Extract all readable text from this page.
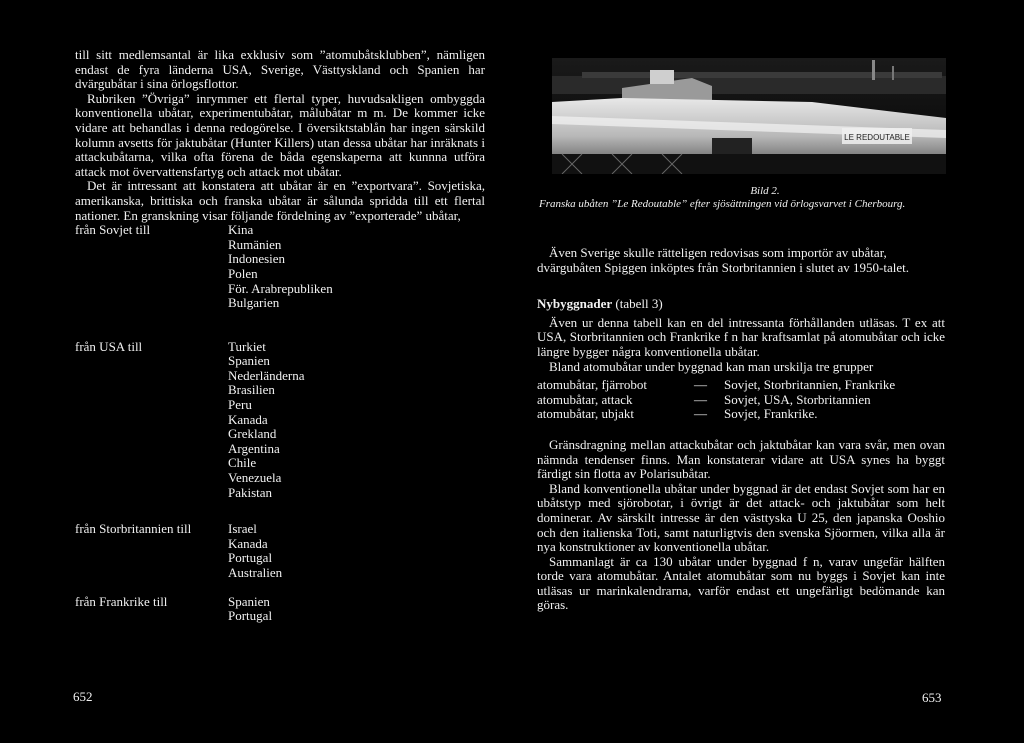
till sitt medlemsantal är lika exklusiv som ”atomubåtsklubben”, nämligen endast de fyra länderna USA, Sverige, Västtyskland och Spanien har dvärgubåtar i sina örlogsflottor.

Rubriken ”Övriga” inrymmer ett flertal typer, huvudsakligen ombyggda konventionella ubåtar, experimentubåtar, målubåtar m m. De kommer icke vidare att behandlas i denna redogörelse. I översiktstablån har ingen särskild kolumn avsetts för jaktubåtar (Hunter Killers) utan dessa ubåtar har inräknats i attackubåtarna, vilka ofta förena de båda egenskaperna att kunnna utföra attack mot övervattensfartyg och attack mot ubåtar.

Det är intressant att konstatera att ubåtar är en ”exportvara”. Sovjetiska, amerikanska, brittiska och franska ubåtar är sålunda spridda till ett flertal nationer. En granskning visar följande fördelning av ”exporterade” ubåtar,

från Sovjet till	Kina
Rumänien
Indonesien
Polen
För. Arabrepubliken
Bulgarien
från USA till	Turkiet
Spanien
Nederländerna
Brasilien
Peru
Kanada
Grekland
Argentina
Chile
Venezuela
Pakistan
från Storbritannien till	Israel
Kanada
Portugal
Australien
från Frankrike till	Spanien
Portugal
652
LE REDOUTABLE
Bild 2.
Franska ubåten ”Le Redoutable” efter sjösättningen vid örlogsvarvet i Cherbourg.

Även Sverige skulle rätteligen redovisas som importör av ubåtar, dvärgubåten Spiggen inköptes från Storbritannien i slutet av 1950-talet.

Nybyggnader (tabell 3)

Även ur denna tabell kan en del intressanta förhållanden utläsas. T ex att USA, Storbritannien och Frankrike f n har kraftsamlat på atomubåtar och icke längre bygger några konventionella ubåtar.

Bland atomubåtar under byggnad kan man urskilja tre grupper

atomubåtar, fjärrobot	—	Sovjet, Storbritannien, Frankrike
atomubåtar, attack	—	Sovjet, USA, Storbritannien
atomubåtar, ubjakt	—	Sovjet, Frankrike.

Gränsdragning mellan attackubåtar och jaktubåtar kan vara svår, men ovan nämnda tendenser finns. Man konstaterar vidare att USA synes ha byggt färdigt sin flotta av Polarisubåtar.

Bland konventionella ubåtar under byggnad är det endast Sovjet som har en ubåtstyp med sjörobotar, i övrigt är det attack- och jaktubåtar som helt dominerar. Av särskilt intresse är den västtyska U 25, den japanska Ooshio och den italienska Toti, samt naturligtvis den svenska Sjöormen, vilka alla är nya konstruktioner av konventionella ubåtar.

Sammanlagt är ca 130 ubåtar under byggnad f n, varav ungefär hälften torde vara atomubåtar. Antalet atomubåtar som nu byggs i Sovjet kan inte utläsas ur marinkalendrarna, varför endast ett ungefärligt bedömande kan göras.

653
